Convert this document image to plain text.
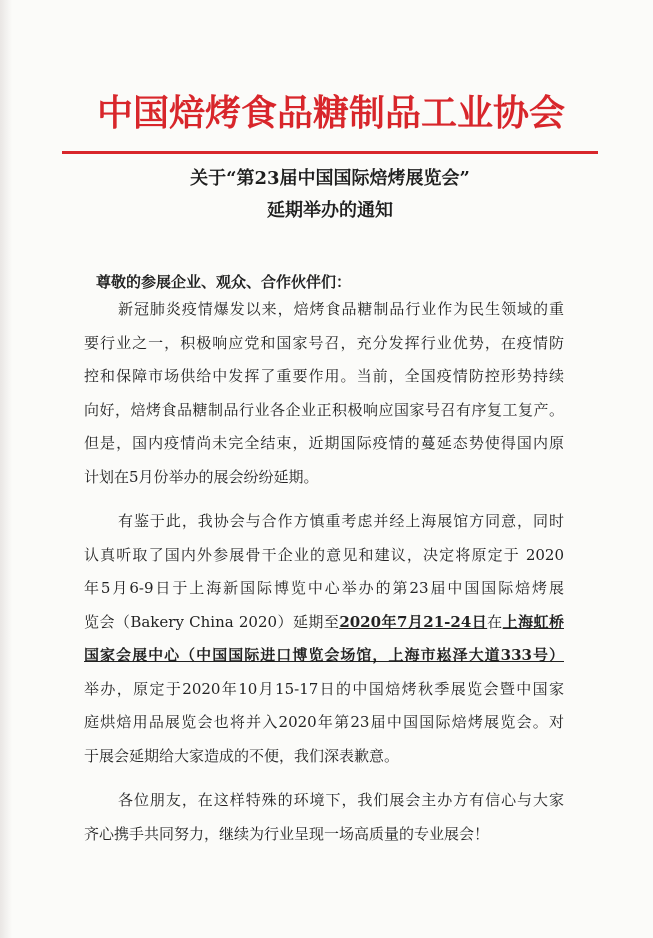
中国焙烤食品糖制品工业协会
关于“第23届中国国际焙烤展览会”
延期举办的通知
尊敬的参展企业、观众、合作伙伴们：
新冠肺炎疫情爆发以来，焙烤食品糖制品行业作为民生领域的重
要行业之一，积极响应党和国家号召，充分发挥行业优势，在疫情防
控和保障市场供给中发挥了重要作用。当前，全国疫情防控形势持续
向好，焙烤食品糖制品行业各企业正积极响应国家号召有序复工复产。
但是，国内疫情尚未完全结束，近期国际疫情的蔓延态势使得国内原
计划在5月份举办的展会纷纷延期。
有鉴于此，我协会与合作方慎重考虑并经上海展馆方同意，同时
认真听取了国内外参展骨干企业的意见和建议，决定将原定于 2020
年5月6-9日于上海新国际博览中心举办的第23届中国国际焙烤展
览会（Bakery China 2020）延期至2020年7月21-24日在上海虹桥
国家会展中心（中国国际进口博览会场馆，上海市崧泽大道333号）
举办，原定于2020年10月15-17日的中国焙烤秋季展览会暨中国家
庭烘焙用品展览会也将并入2020年第23届中国国际焙烤展览会。对
于展会延期给大家造成的不便，我们深表歉意。
各位朋友，在这样特殊的环境下，我们展会主办方有信心与大家
齐心携手共同努力，继续为行业呈现一场高质量的专业展会！
